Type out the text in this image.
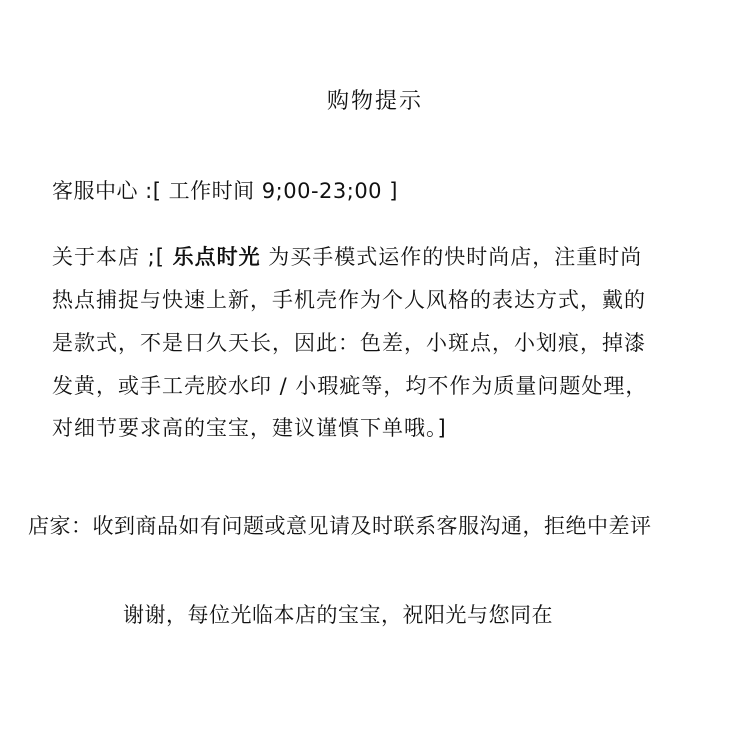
购物提示
客服中心 :[ 工作时间 9;00-23;00 ]
关于本店 ;[ 乐点时光 为买手模式运作的快时尚店，注重时尚
热点捕捉与快速上新，手机壳作为个人风格的表达方式，戴的
是款式，不是日久天长，因此：色差，小斑点，小划痕，掉漆
发黄，或手工壳胶水印 / 小瑕疵等，均不作为质量问题处理，
对细节要求高的宝宝，建议谨慎下单哦。]
店家：收到商品如有问题或意见请及时联系客服沟通，拒绝中差评
谢谢，每位光临本店的宝宝，祝阳光与您同在
